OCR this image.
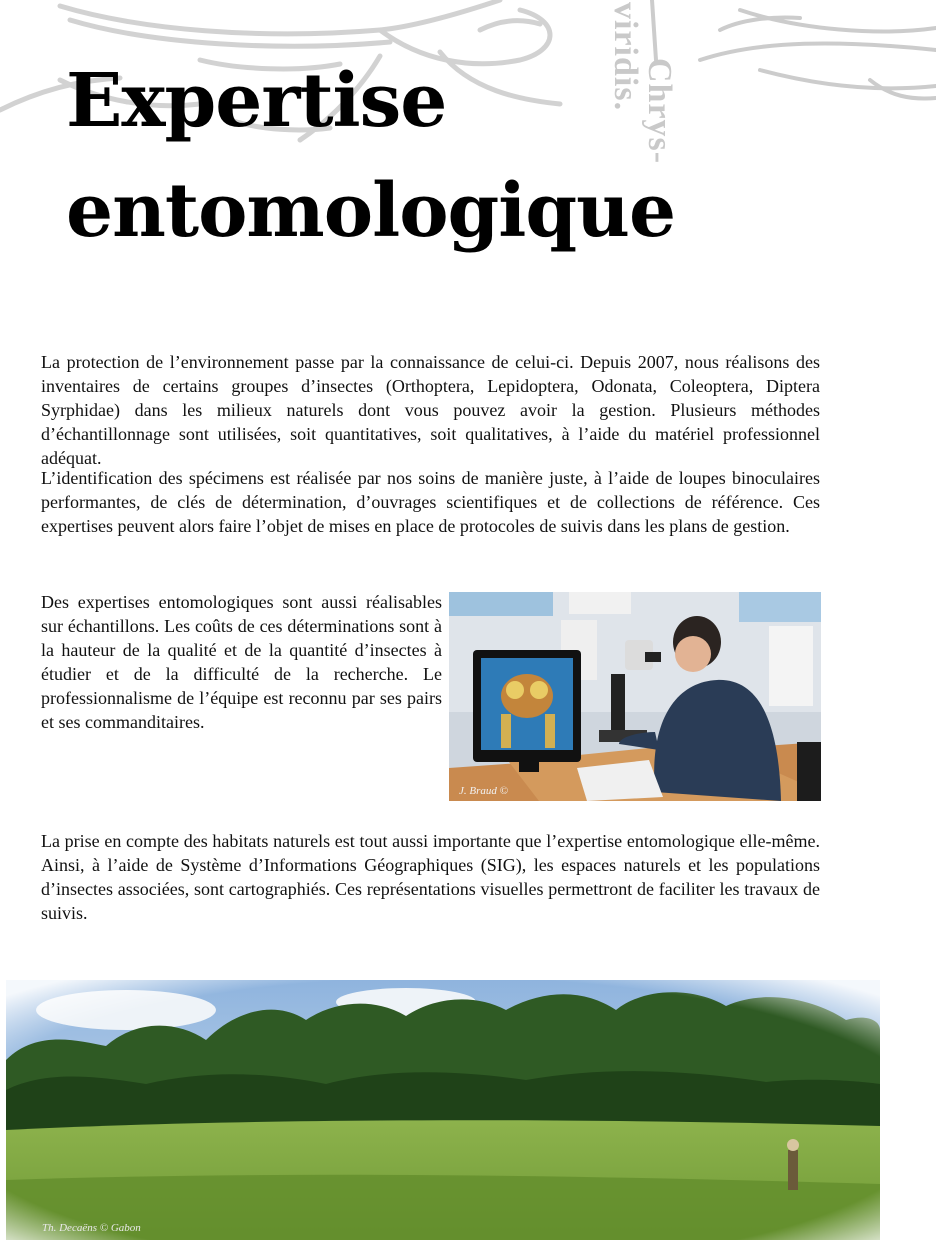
viridis.
Chrys-
Expertise
entomologique

La protection de l’environnement passe par la connaissance de celui-ci. Depuis 2007, nous réalisons des inventaires de certains groupes d’insectes (Orthoptera, Lepidoptera, Odonata, Coleoptera, Diptera Syrphidae) dans les milieux naturels dont vous pouvez avoir la gestion. Plusieurs méthodes d’échantillonnage sont utilisées, soit quantitatives, soit qualitatives, à l’aide du matériel professionnel adéquat.

L’identification des spécimens est réalisée par nos soins de manière juste, à l’aide de loupes binoculaires performantes, de clés de détermination, d’ouvrages scientifiques et de collections de référence. Ces expertises peuvent alors faire l’objet de mises en place de protocoles de suivis dans les plans de gestion.

Des expertises entomologiques sont aussi réalisables sur échantillons. Les coûts de ces déterminations sont à la hauteur de la qualité et de la quantité d’insectes à étudier et de la difficulté de la recherche. Le professionnalisme de l’équipe est reconnu par ses pairs et ses commanditaires.

J. Braud ©

La prise en compte des habitats naturels est tout aussi importante que l’expertise entomologique elle-même. Ainsi, à l’aide de Système d’Informations Géographiques (SIG), les espaces naturels et les populations d’insectes associées, sont cartographiés. Ces représentations visuelles permettront de faciliter les travaux de suivis.

Th. Decaëns © Gabon
